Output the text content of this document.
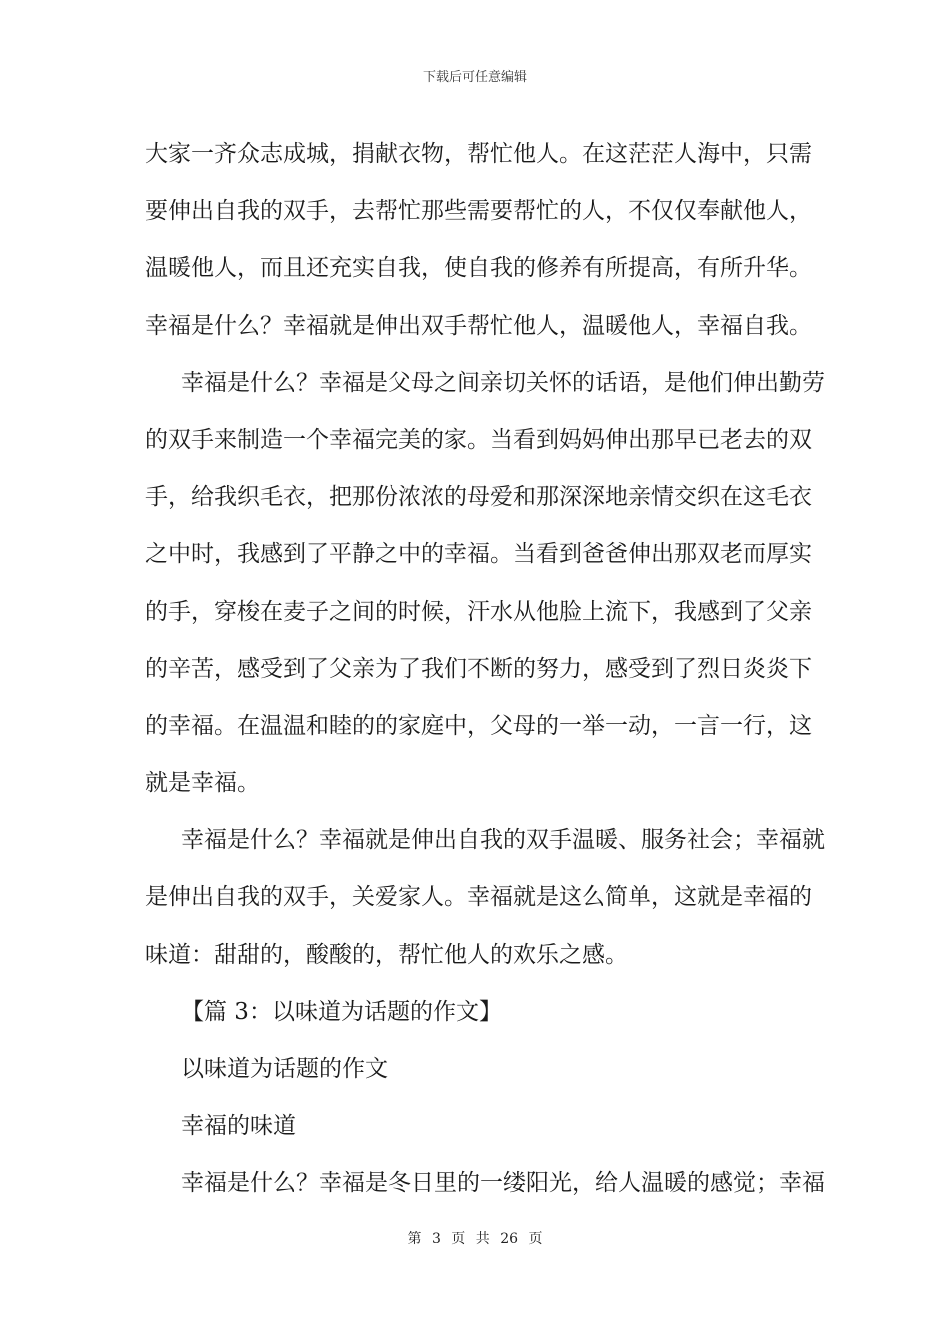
下载后可任意编辑
大家一齐众志成城，捐献衣物，帮忙他人。在这茫茫人海中，只需
要伸出自我的双手，去帮忙那些需要帮忙的人，不仅仅奉献他人，
温暖他人，而且还充实自我，使自我的修养有所提高，有所升华。
幸福是什么？幸福就是伸出双手帮忙他人，温暖他人，幸福自我。
幸福是什么？幸福是父母之间亲切关怀的话语，是他们伸出勤劳
的双手来制造一个幸福完美的家。当看到妈妈伸出那早已老去的双
手，给我织毛衣，把那份浓浓的母爱和那深深地亲情交织在这毛衣
之中时，我感到了平静之中的幸福。当看到爸爸伸出那双老而厚实
的手，穿梭在麦子之间的时候，汗水从他脸上流下，我感到了父亲
的辛苦，感受到了父亲为了我们不断的努力，感受到了烈日炎炎下
的幸福。在温温和睦的的家庭中，父母的一举一动，一言一行，这
就是幸福。
幸福是什么？幸福就是伸出自我的双手温暖、服务社会；幸福就
是伸出自我的双手，关爱家人。幸福就是这么简单，这就是幸福的
味道：甜甜的，酸酸的，帮忙他人的欢乐之感。
【篇 3：以味道为话题的作文】
以味道为话题的作文
幸福的味道
幸福是什么？幸福是冬日里的一缕阳光，给人温暖的感觉；幸福
第 3 页 共 26 页
